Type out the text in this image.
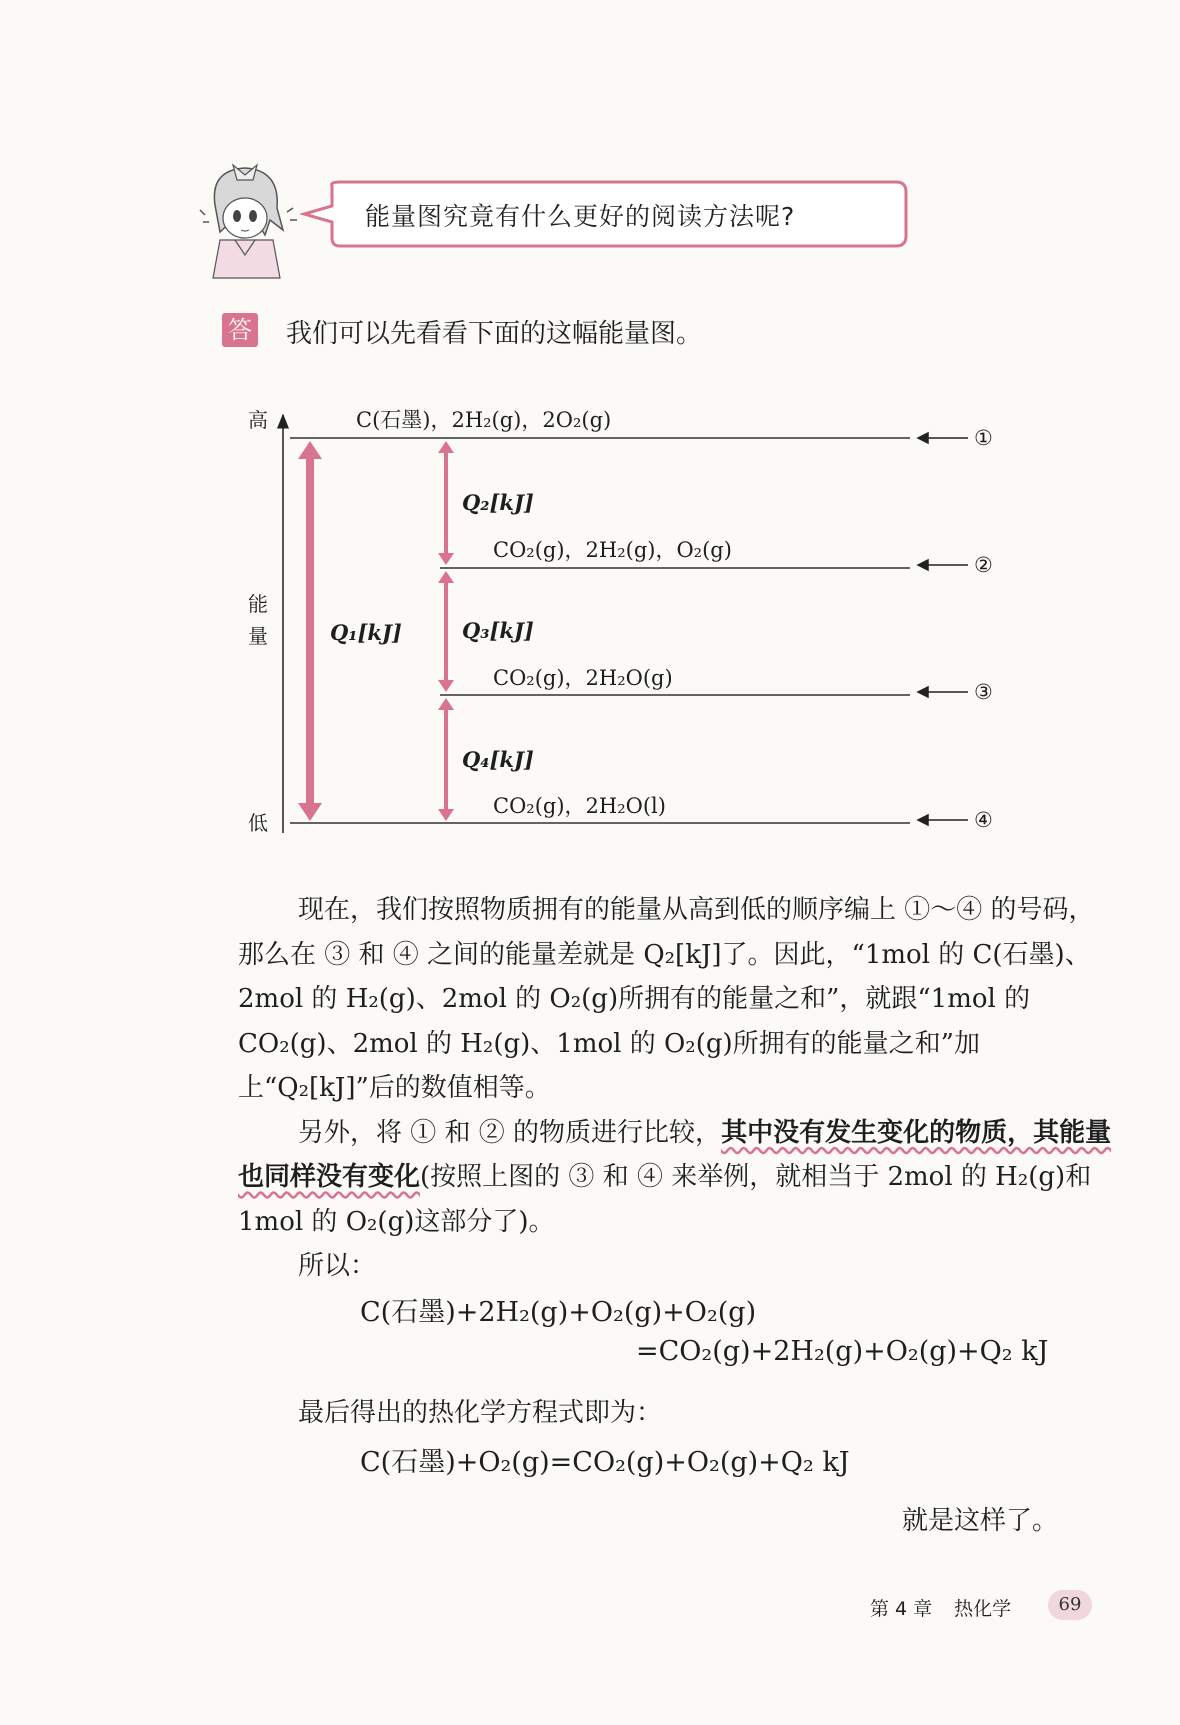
能量图究竟有什么更好的阅读方法呢?
答 我们可以先看看下面的这幅能量图。
高
能
量
低
C(石墨)，2H₂(g)，2O₂(g)
CO₂(g)，2H₂(g)，O₂(g)
CO₂(g)，2H₂O(g)
CO₂(g)，2H₂O(l)
Q₁[kJ]
Q₂[kJ]
Q₃[kJ]
Q₄[kJ]
①
②
③
④

现在，我们按照物质拥有的能量从高到低的顺序编上 ①～④ 的号码，那么在 ③ 和 ④ 之间的能量差就是 Q₂[kJ]了。因此，“1mol 的 C(石墨)、2mol 的 H₂(g)、2mol 的 O₂(g)所拥有的能量之和”，就跟“1mol 的 CO₂(g)、2mol 的 H₂(g)、1mol 的 O₂(g)所拥有的能量之和”加上“Q₂[kJ]”后的数值相等。

另外，将 ① 和 ② 的物质进行比较，其中没有发生变化的物质，其能量也同样没有变化(按照上图的 ③ 和 ④ 来举例，就相当于 2mol 的 H₂(g)和 1mol 的 O₂(g)这部分了)。

所以：

C(石墨)+2H₂(g)+O₂(g)+O₂(g)
=CO₂(g)+2H₂(g)+O₂(g)+Q₂ kJ
最后得出的热化学方程式即为：
C(石墨)+O₂(g)=CO₂(g)+O₂(g)+Q₂ kJ
就是这样了。
第 4 章 热化学	69
